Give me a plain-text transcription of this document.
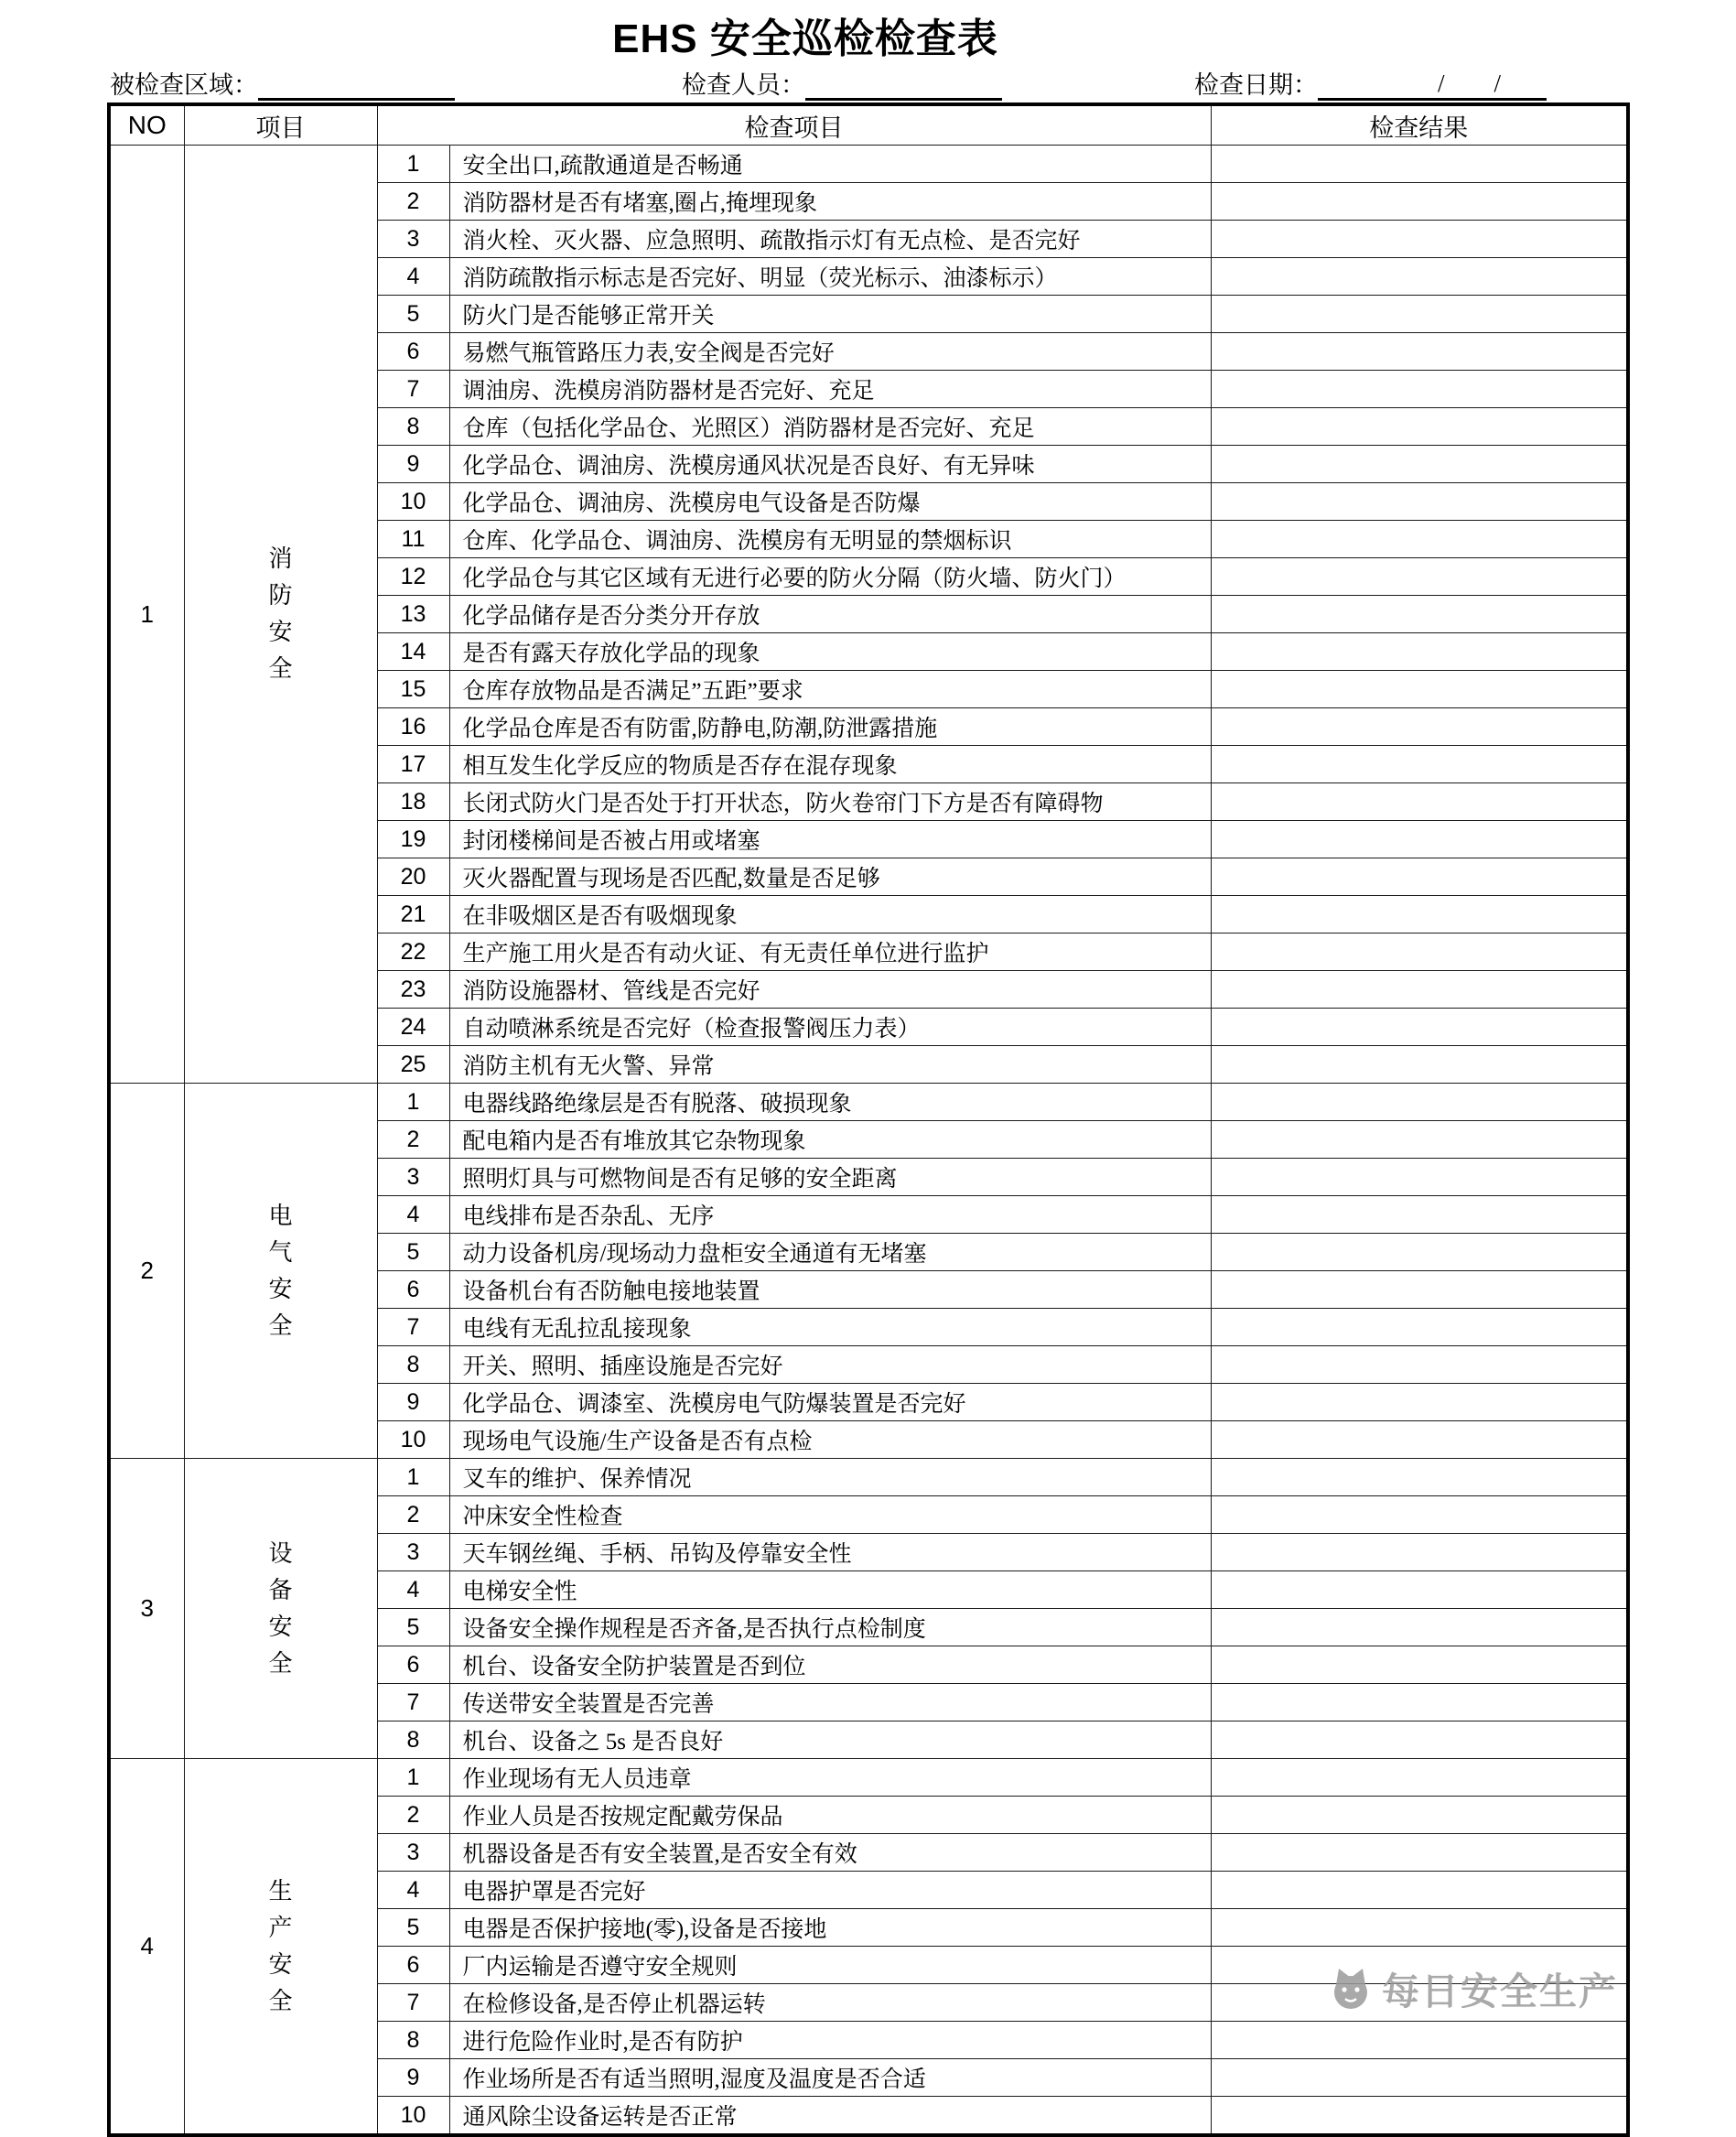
EHS 安全巡检检查表
被检查区域：	检查人员：	检查日期：　　　/　　/　　
NO	项目	检查项目		检查结果
1	消防安全	1	安全出口,疏散通道是否畅通	
		2	消防器材是否有堵塞,圈占,掩埋现象	
		3	消火栓、灭火器、应急照明、疏散指示灯有无点检、是否完好	
		4	消防疏散指示标志是否完好、明显（荧光标示、油漆标示）	
		5	防火门是否能够正常开关	
		6	易燃气瓶管路压力表,安全阀是否完好	
		7	调油房、洗模房消防器材是否完好、充足	
		8	仓库（包括化学品仓、光照区）消防器材是否完好、充足	
		9	化学品仓、调油房、洗模房通风状况是否良好、有无异味	
		10	化学品仓、调油房、洗模房电气设备是否防爆	
		11	仓库、化学品仓、调油房、洗模房有无明显的禁烟标识	
		12	化学品仓与其它区域有无进行必要的防火分隔（防火墙、防火门）	
		13	化学品储存是否分类分开存放	
		14	是否有露天存放化学品的现象	
		15	仓库存放物品是否满足”五距”要求	
		16	化学品仓库是否有防雷,防静电,防潮,防泄露措施	
		17	相互发生化学反应的物质是否存在混存现象	
		18	长闭式防火门是否处于打开状态，防火卷帘门下方是否有障碍物	
		19	封闭楼梯间是否被占用或堵塞	
		20	灭火器配置与现场是否匹配,数量是否足够	
		21	在非吸烟区是否有吸烟现象	
		22	生产施工用火是否有动火证、有无责任单位进行监护	
		23	消防设施器材、管线是否完好	
		24	自动喷淋系统是否完好（检查报警阀压力表）	
		25	消防主机有无火警、异常	
2	电气安全	1	电器线路绝缘层是否有脱落、破损现象	
		2	配电箱内是否有堆放其它杂物现象	
		3	照明灯具与可燃物间是否有足够的安全距离	
		4	电线排布是否杂乱、无序	
		5	动力设备机房/现场动力盘柜安全通道有无堵塞	
		6	设备机台有否防触电接地装置	
		7	电线有无乱拉乱接现象	
		8	开关、照明、插座设施是否完好	
		9	化学品仓、调漆室、洗模房电气防爆装置是否完好	
		10	现场电气设施/生产设备是否有点检	
3	设备安全	1	叉车的维护、保养情况	
		2	冲床安全性检查	
		3	天车钢丝绳、手柄、吊钩及停靠安全性	
		4	电梯安全性	
		5	设备安全操作规程是否齐备,是否执行点检制度	
		6	机台、设备安全防护装置是否到位	
		7	传送带安全装置是否完善	
		8	机台、设备之 5s 是否良好	
4	生产安全	1	作业现场有无人员违章	
		2	作业人员是否按规定配戴劳保品	
		3	机器设备是否有安全装置,是否安全有效	
		4	电器护罩是否完好	
		5	电器是否保护接地(零),设备是否接地	
		6	厂内运输是否遵守安全规则	
		7	在检修设备,是否停止机器运转	
		8	进行危险作业时,是否有防护	
		9	作业场所是否有适当照明,湿度及温度是否合适	
		10	通风除尘设备运转是否正常	
每日安全生产
